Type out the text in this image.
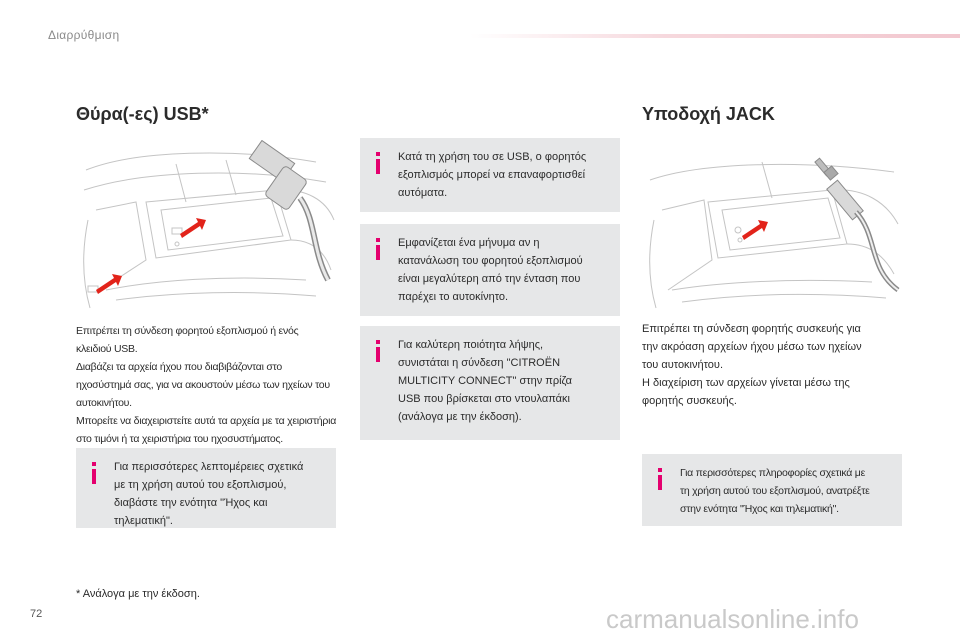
Διαρρύθμιση
Θύρα(-ες) USB*
Επιτρέπει τη σύνδεση φορητού εξοπλισμού ή ενός
κλειδιού USB.
Διαβάζει τα αρχεία ήχου που διαβιβάζονται στο
ηχοσύστημά σας, για να ακουστούν μέσω των ηχείων του
αυτοκινήτου.
Μπορείτε να διαχειριστείτε αυτά τα αρχεία με τα χειριστήρια
στο τιμόνι ή τα χειριστήρια του ηχοσυστήματος.
Για περισσότερες λεπτομέρειες σχετικά
με τη χρήση αυτού του εξοπλισμού,
διαβάστε την ενότητα "Ήχος και
τηλεματική".
Κατά τη χρήση του σε USB, ο φορητός
εξοπλισμός μπορεί να επαναφορτισθεί
αυτόματα.
Εμφανίζεται ένα μήνυμα αν η
κατανάλωση του φορητού εξοπλισμού
είναι μεγαλύτερη από την ένταση που
παρέχει το αυτοκίνητο.
Για καλύτερη ποιότητα λήψης,
συνιστάται η σύνδεση "CITROËN
MULTICITY CONNECT" στην πρίζα
USB που βρίσκεται στο ντουλαπάκι
(ανάλογα με την έκδοση).
Υποδοχή JACK
Επιτρέπει τη σύνδεση φορητής συσκευής για
την ακρόαση αρχείων ήχου μέσω των ηχείων
του αυτοκινήτου.
Η διαχείριση των αρχείων γίνεται μέσω της
φορητής συσκευής.
Για περισσότερες πληροφορίες σχετικά με
τη χρήση αυτού του εξοπλισμού, ανατρέξτε
στην ενότητα "Ήχος και τηλεματική".
* Ανάλογα με την έκδοση.
72	carmanualsonline.info
